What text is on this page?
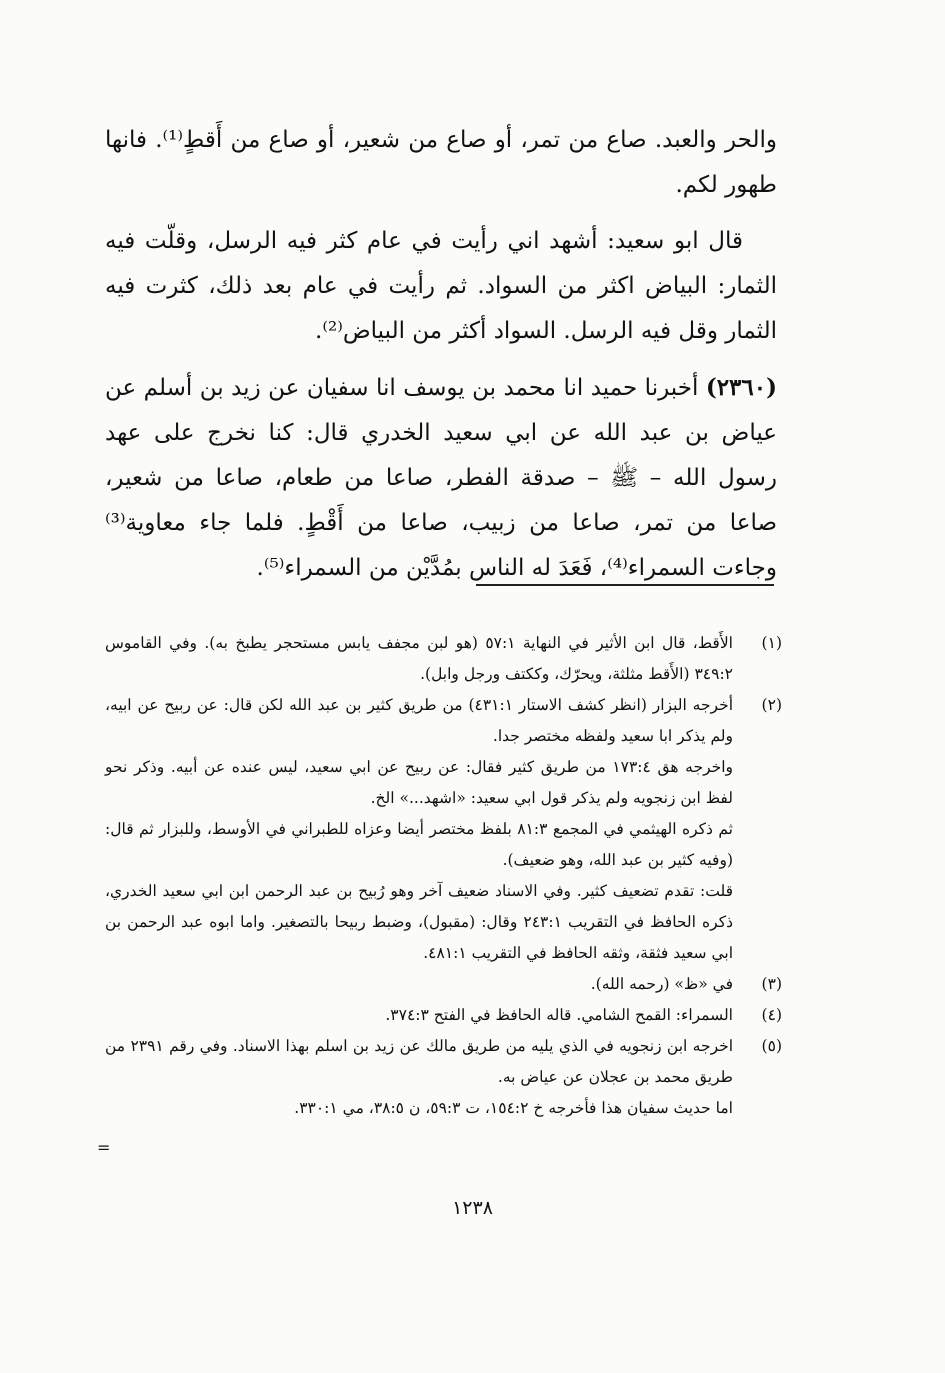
والحر والعبد. صاع من تمر، أو صاع من شعير، أو صاع من أَقطٍ⁽¹⁾. فانها طهور لكم.

قال ابو سعيد: أشهد اني رأيت في عام كثر فيه الرسل، وقلّت فيه الثمار: البياض اكثر من السواد. ثم رأيت في عام بعد ذلك، كثرت فيه الثمار وقل فيه الرسل. السواد أكثر من البياض⁽²⁾.

(٢٣٦٠) أخبرنا حميد انا محمد بن يوسف انا سفيان عن زيد بن أسلم عن عياض بن عبد الله عن ابي سعيد الخدري قال: كنا نخرج على عهد رسول الله – ﷺ – صدقة الفطر، صاعا من طعام، صاعا من شعير، صاعا من تمر، صاعا من زبيب، صاعا من أَقْطٍ. فلما جاء معاوية⁽³⁾ وجاءت السمراء⁽⁴⁾، فَعَدَ له الناس بمُدَّيْن من السمراء⁽⁵⁾.

(١)

الأَقط، قال ابن الأثير في النهاية ٥٧:١ (هو لبن مجفف يابس مستحجر يطبخ به). وفي القاموس ٣٤٩:٢ (الأَقط مثلثة، ويحرّك، وككتف ورجل وابل).

(٢)

أخرجه البزار (انظر كشف الاستار ٤٣١:١) من طريق كثير بن عبد الله لكن قال: عن ربيح عن ابيه، ولم يذكر ابا سعيد ولفظه مختصر جدا.

واخرجه هق ١٧٣:٤ من طريق كثير فقال: عن ربيح عن ابي سعيد، ليس عنده عن أبيه. وذكر نحو لفظ ابن زنجويه ولم يذكر قول ابي سعيد: «اشهد...» الخ.

ثم ذكره الهيثمي في المجمع ٨١:٣ بلفظ مختصر أيضا وعزاه للطبراني في الأوسط، وللبزار ثم قال: (وفيه كثير بن عبد الله، وهو ضعيف).

قلت: تقدم تضعيف كثير. وفي الاسناد ضعيف آخر وهو رُبيح بن عبد الرحمن ابن ابي سعيد الخدري، ذكره الحافظ في التقريب ٢٤٣:١ وقال: (مقبول)، وضبط ربيحا بالتصغير. واما ابوه عبد الرحمن بن ابي سعيد فثقة، وثقه الحافظ في التقريب ٤٨١:١.

(٣)

في «ظ» (رحمه الله).

(٤)

السمراء: القمح الشامي. قاله الحافظ في الفتح ٣٧٤:٣.

(٥)

اخرجه ابن زنجويه في الذي يليه من طريق مالك عن زيد بن اسلم بهذا الاسناد. وفي رقم ٢٣٩١ من طريق محمد بن عجلان عن عياض به.

اما حديث سفيان هذا فأخرجه خ ١٥٤:٢، ت ٥٩:٣، ن ٣٨:٥، مي ٣٣٠:١.

=
١٢٣٨
